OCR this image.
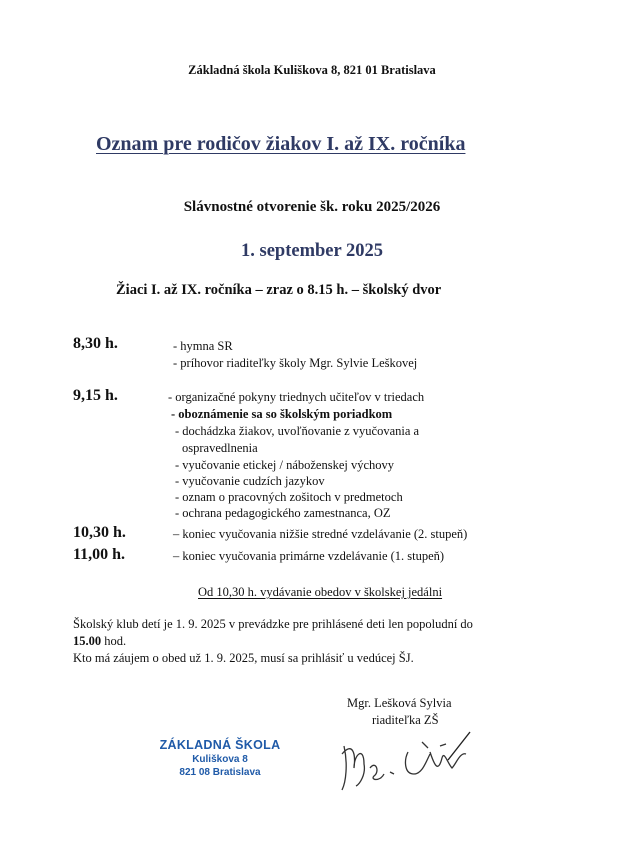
Základná škola Kuliškova 8, 821 01 Bratislava
Oznam pre rodičov žiakov I. až IX. ročníka
Slávnostné otvorenie šk. roku 2025/2026
1. september 2025
Žiaci I. až IX. ročníka – zraz o 8.15 h. – školský dvor
8,30 h.	- hymna SR
- príhovor riaditeľky školy Mgr. Sylvie Leškovej
9,15 h.	- organizačné pokyny triednych učiteľov v triedach
- oboznámenie sa so školským poriadkom
- dochádzka žiakov, uvoľňovanie z vyučovania a
ospravedlnenia
- vyučovanie etickej / náboženskej výchovy
- vyučovanie cudzích jazykov
- oznam o pracovných zošitoch v predmetoch
- ochrana pedagogického zamestnanca, OZ
10,30 h.	– koniec vyučovania nižšie stredné vzdelávanie (2. stupeň)
11,00 h.	– koniec vyučovania primárne vzdelávanie (1. stupeň)
Od 10,30 h. vydávanie obedov v školskej jedálni
Školský klub detí je 1. 9. 2025 v prevádzke pre prihlásené deti len popoludní do
15.00 hod.
Kto má záujem o obed už 1. 9. 2025, musí sa prihlásiť u vedúcej ŠJ.
Mgr. Lešková Sylvia
riaditeľka ZŠ
ZÁKLADNÁ ŠKOLA
Kuliškova 8
821 08 Bratislava
